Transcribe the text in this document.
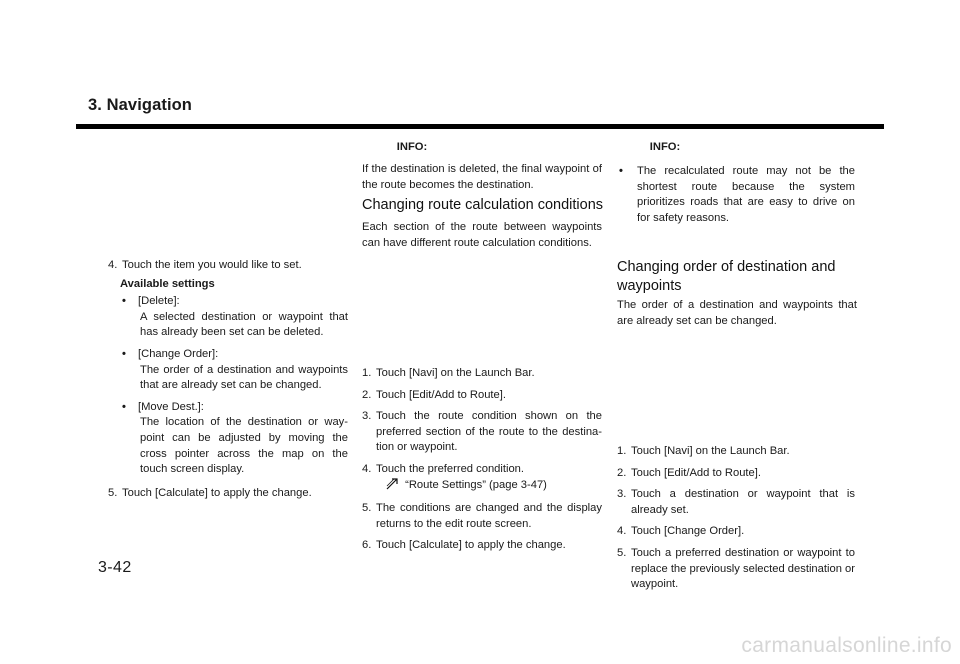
3. Navigation
4. Touch the item you would like to set.
Available settings
•	[Delete]:
A selected destination or waypoint that has already been set can be deleted.
•	[Change Order]:
The order of a destination and waypoints that are already set can be changed.
•	[Move Dest.]:
The location of the destination or way-point can be adjusted by moving the cross pointer across the map on the touch screen display.
5. Touch [Calculate] to apply the change.
INFO:
If the destination is deleted, the final waypoint of the route becomes the destination.
Changing route calculation conditions
Each section of the route between waypoints can have different route calculation conditions.
1. Touch [Navi] on the Launch Bar.
2. Touch [Edit/Add to Route].
3. Touch the route condition shown on the preferred section of the route to the destina-tion or waypoint.
4. Touch the preferred condition.
“Route Settings” (page 3-47)
5. The conditions are changed and the display returns to the edit route screen.
6. Touch [Calculate] to apply the change.
INFO:
•	The recalculated route may not be the shortest route because the system prioritizes roads that are easy to drive on for safety reasons.
Changing order of destination and waypoints
The order of a destination and waypoints that are already set can be changed.
1. Touch [Navi] on the Launch Bar.
2. Touch [Edit/Add to Route].
3. Touch a destination or waypoint that is already set.
4. Touch [Change Order].
5. Touch a preferred destination or waypoint to replace the previously selected destination or waypoint.
3-42
carmanualsonline.info
